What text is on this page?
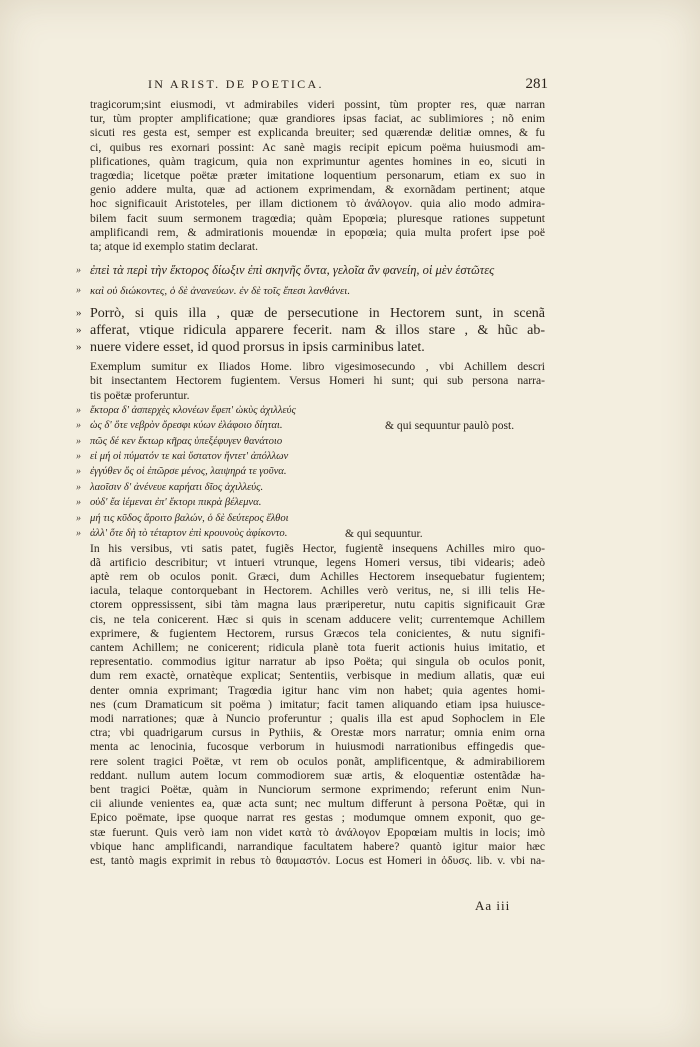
IN ARIST. DE POETICA.	281
tragicorum;sint eiusmodi, vt admirabiles videri possint, tùm propter res, quæ narran
tur, tùm propter amplificatione; quæ grandiores ipsas faciat, ac sublimiores ; nõ enim
sicuti res gesta est, semper est explicanda breuiter; sed quærendæ delitiæ omnes, & fu
ci, quibus res exornari possint: Ac sanè magis recipit epicum poëma huiusmodi am-
plificationes, quàm tragicum, quia non exprimuntur agentes homines in eo, sicuti in
tragœdia; licetque poëtæ præter imitatione loquentium personarum, etiam ex suo in
genio addere multa, quæ ad actionem exprimendam, & exornãdam pertinent; atque
hoc significauit Aristoteles, per illam dictionem τὸ ἀνάλογον. quia alio modo admira-
bilem facit suum sermonem tragœdia; quàm Epopœia; pluresque rationes suppetunt
amplificandi rem, & admirationis mouendæ in epopœia; quia multa profert ipse poë
ta; atque id exemplo statim declarat.
» ἐπεὶ τὰ περὶ τὴν ἕκτορος δίωξιν ἐπὶ σκηνῆς ὄντα, γελοῖα ἂν φανείη, οἱ μὲν ἑστῶτες
» καὶ οὐ διώκοντες, ὁ δὲ ἀνανεύων. ἐν δὲ τοῖς ἔπεσι λανθάνει.
» Porrò, si quis illa , quæ de persecutione in Hectorem sunt, in scenã
» afferat, vtique ridicula apparere fecerit. nam & illos stare , & hũc ab-
» nuere videre esset, id quod prorsus in ipsis carminibus latet.
Exemplum sumitur ex Iliados Home. libro vigesimosecundo , vbi Achillem descri
bit insectantem Hectorem fugientem. Versus Homeri hi sunt; qui sub persona narra-
tis poëtæ proferuntur.
» ἕκτορα δ' ἀσπερχὲς κλονέων ἔφεπ' ὠκὺς ἀχιλλεύς
» ὡς δ' ὅτε νεβρὸν ὄρεσφι κύων ἐλάφοιο δίηται.	& qui sequuntur paulò post.
» πῶς δέ κεν ἕκτωρ κῆρας ὑπεξέφυγεν θανάτοιο
» εἰ μή οἱ πύματόν τε καὶ ὕστατον ἤντετ' ἀπόλλων
» ἐγγύθεν ὅς οἱ ἐπῶρσε μένος, λαιψηρά τε γοῦνα.
» λαοῖσιν δ' ἀνένευε καρήατι δῖος ἀχιλλεύς.
» οὐδ' ἔα ἱέμεναι ἐπ' ἕκτορι πικρὰ βέλεμνα.
» μή τις κῦδος ἄροιτο βαλών, ὁ δὲ δεύτερος ἔλθοι
» ἀλλ' ὅτε δὴ τὸ τέταρτον ἐπὶ κρουνοὺς ἀφίκοντο.	& qui sequuntur.
In his versibus, vti satis patet, fugiẽs Hector, fugientẽ insequens Achilles miro quo-
dã artificio describitur; vt intueri vtrunque, legens Homeri versus, tibi videaris; adeò
aptè rem ob oculos ponit. Græci, dum Achilles Hectorem insequebatur fugientem;
iacula, telaque contorquebant in Hectorem. Achilles verò veritus, ne, si illi telis He-
ctorem oppressissent, sibi tàm magna laus præriperetur, nutu capitis significauit Græ
cis, ne tela conicerent. Hæc si quis in scenam adducere velit; currentemque Achillem
exprimere, & fugientem Hectorem, rursus Græcos tela conicientes, & nutu signifi-
cantem Achillem; ne conicerent; ridicula planè tota fuerit actionis huius imitatio, et
representatio. commodius igitur narratur ab ipso Poëta; qui singula ob oculos ponit,
dum rem exactè, ornatèque explicat; Sententiis, verbisque in medium allatis, quæ eui
denter omnia exprimant; Tragœdia igitur hanc vim non habet; quia agentes homi-
nes (cum Dramaticum sit poëma ) imitatur; facit tamen aliquando etiam ipsa huiusce-
modi narrationes; quæ à Nuncio proferuntur ; qualis illa est apud Sophoclem in Ele
ctra; vbi quadrigarum cursus in Pythiis, & Orestæ mors narratur; omnia enim orna
menta ac lenocinia, fucosque verborum in huiusmodi narrationibus effingedis que-
rere solent tragici Poëtæ, vt rem ob oculos ponãt, amplificentque, & admirabiliorem
reddant. nullum autem locum commodiorem suæ artis, & eloquentiæ ostentãdæ ha-
bent tragici Poëtæ, quàm in Nunciorum sermone exprimendo; referunt enim Nun-
cii aliunde venientes ea, quæ acta sunt; nec multum differunt à persona Poëtæ, qui in
Epico poëmate, ipse quoque narrat res gestas ; modumque omnem exponit, quo ge-
stæ fuerunt. Quis verò iam non videt κατὰ τὸ ἀνάλογον Epopœiam multis in locis; imò
vbique hanc amplificandi, narrandique facultatem habere? quantò igitur maior hæc
est, tantò magis exprimit in rebus τὸ θαυμαστόν. Locus est Homeri in ὀδυσς. lib. v. vbi na-
Aa iii
